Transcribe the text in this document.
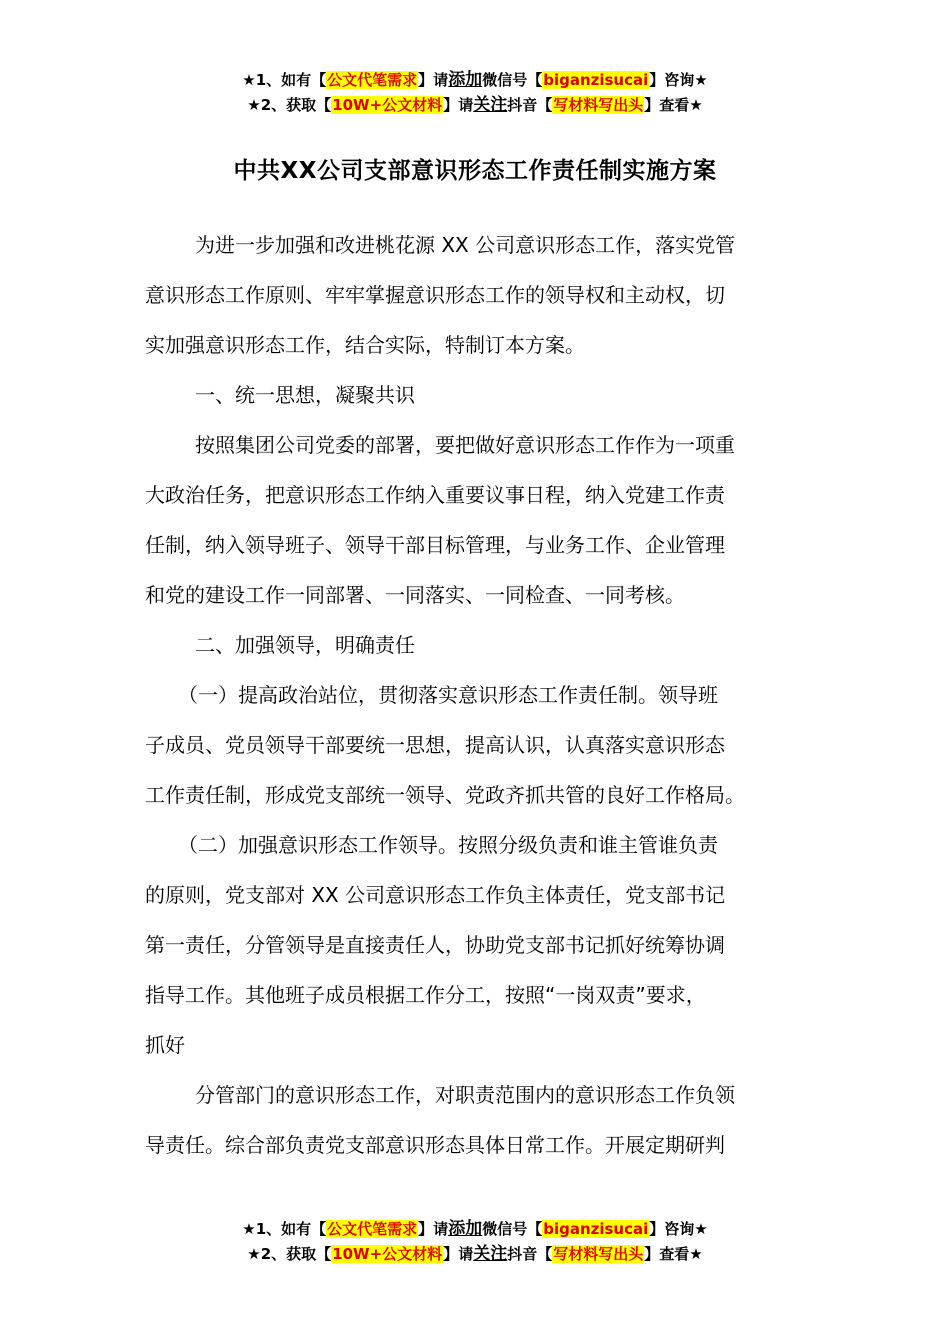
★1、如有【公文代笔需求】请添加微信号【biganzisucai】咨询★
★2、获取【10W+公文材料】请关注抖音【写材料写出头】查看★
中共XX公司支部意识形态工作责任制实施方案

为进一步加强和改进桃花源 XX 公司意识形态工作，落实党管

意识形态工作原则、牢牢掌握意识形态工作的领导权和主动权，切

实加强意识形态工作，结合实际，特制订本方案。

一、统一思想，凝聚共识

按照集团公司党委的部署，要把做好意识形态工作作为一项重

大政治任务，把意识形态工作纳入重要议事日程，纳入党建工作责

任制，纳入领导班子、领导干部目标管理，与业务工作、企业管理

和党的建设工作一同部署、一同落实、一同检查、一同考核。

二、加强领导，明确责任

（一）提高政治站位，贯彻落实意识形态工作责任制。领导班

子成员、党员领导干部要统一思想，提高认识，认真落实意识形态

工作责任制，形成党支部统一领导、党政齐抓共管的良好工作格局。

（二）加强意识形态工作领导。按照分级负责和谁主管谁负责

的原则，党支部对 XX 公司意识形态工作负主体责任，党支部书记

第一责任，分管领导是直接责任人，协助党支部书记抓好统筹协调

指导工作。其他班子成员根据工作分工，按照“一岗双责”要求，

抓好

分管部门的意识形态工作，对职责范围内的意识形态工作负领

导责任。综合部负责党支部意识形态具体日常工作。开展定期研判

★1、如有【公文代笔需求】请添加微信号【biganzisucai】咨询★
★2、获取【10W+公文材料】请关注抖音【写材料写出头】查看★
